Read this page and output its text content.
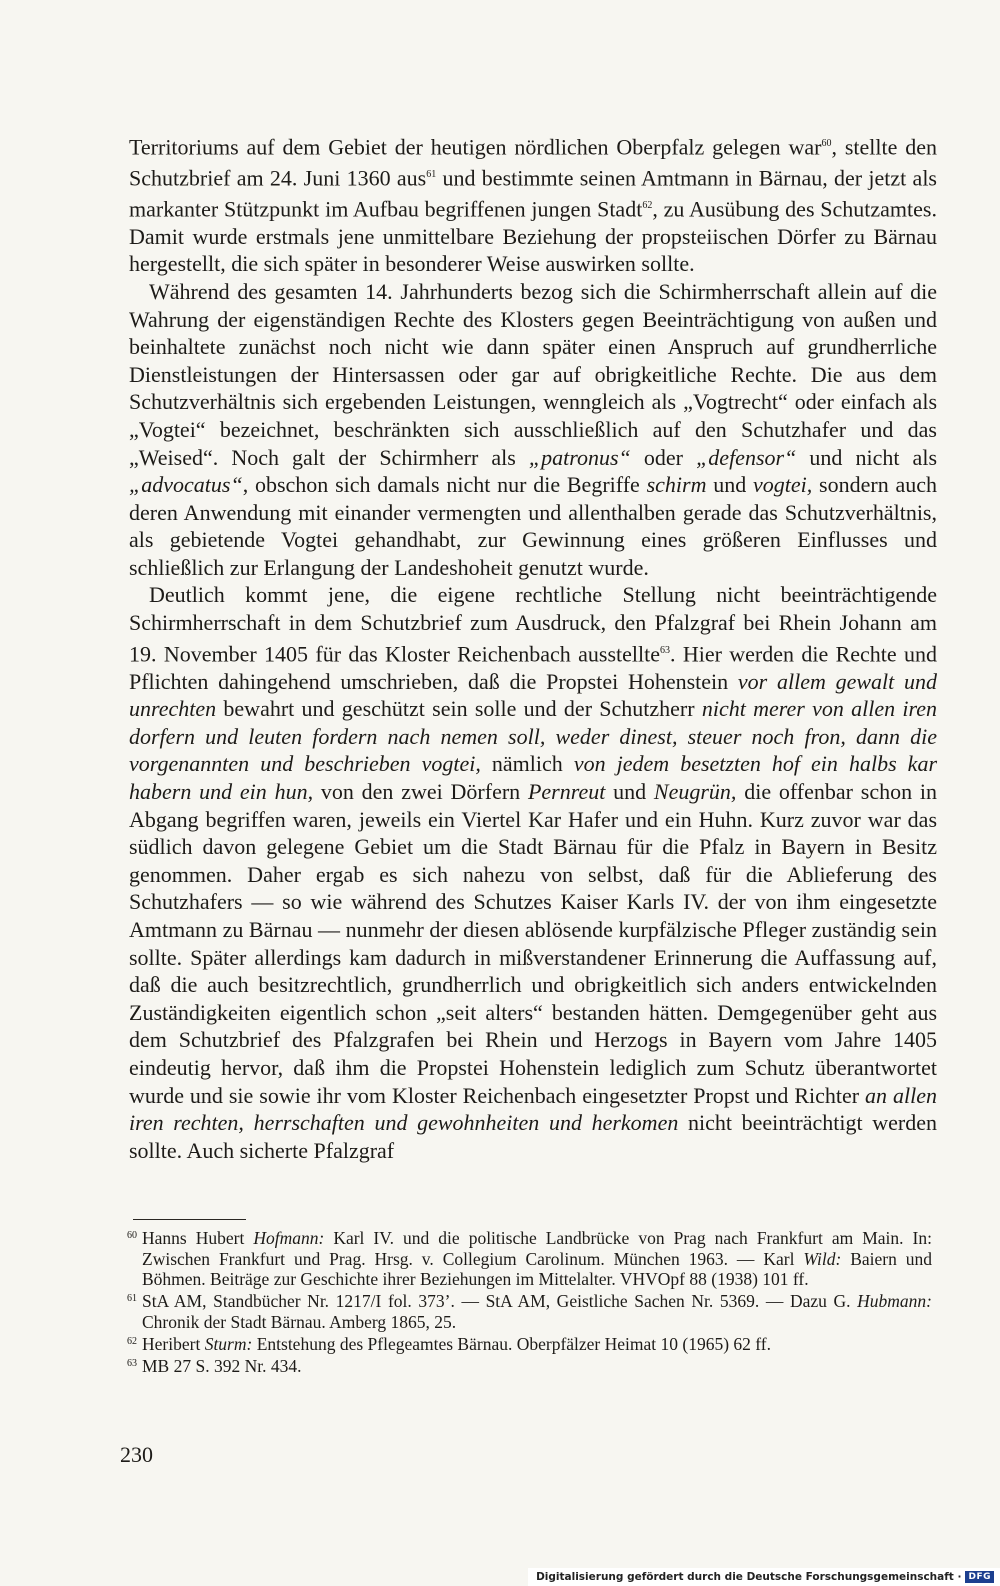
Territoriums auf dem Gebiet der heutigen nördlichen Oberpfalz gelegen war$^{60}$, stellte den Schutzbrief am 24. Juni 1360 aus$^{61}$ und bestimmte seinen Amtmann in Bärnau, der jetzt als markanter Stützpunkt im Aufbau begriffenen jungen Stadt$^{62}$, zu Ausübung des Schutzamtes. Damit wurde erstmals jene unmittelbare Beziehung der propsteiischen Dörfer zu Bärnau hergestellt, die sich später in besonderer Weise auswirken sollte.

Während des gesamten 14. Jahrhunderts bezog sich die Schirmherrschaft allein auf die Wahrung der eigenständigen Rechte des Klosters gegen Beeinträchtigung von außen und beinhaltete zunächst noch nicht wie dann später einen Anspruch auf grundherrliche Dienstleistungen der Hintersassen oder gar auf obrigkeitliche Rechte. Die aus dem Schutzverhältnis sich ergebenden Leistungen, wenngleich als „Vogtrecht“ oder einfach als „Vogtei“ bezeichnet, beschränkten sich ausschließlich auf den Schutzhafer und das „Weised“. Noch galt der Schirmherr als „patronus“ oder „defensor“ und nicht als „advocatus“, obschon sich damals nicht nur die Begriffe schirm und vogtei, sondern auch deren Anwendung mit einander vermengten und allenthalben gerade das Schutzverhältnis, als gebietende Vogtei gehandhabt, zur Gewinnung eines größeren Einflusses und schließlich zur Erlangung der Landeshoheit genutzt wurde.

Deutlich kommt jene, die eigene rechtliche Stellung nicht beeinträchtigende Schirmherrschaft in dem Schutzbrief zum Ausdruck, den Pfalzgraf bei Rhein Johann am 19. November 1405 für das Kloster Reichenbach ausstellte$^{63}$. Hier werden die Rechte und Pflichten dahingehend umschrieben, daß die Propstei Hohenstein vor allem gewalt und unrechten bewahrt und geschützt sein solle und der Schutzherr nicht merer von allen iren dorfern und leuten fordern nach nemen soll, weder dinest, steuer noch fron, dann die vorgenannten und beschrieben vogtei, nämlich von jedem besetzten hof ein halbs kar habern und ein hun, von den zwei Dörfern Pernreut und Neugrün, die offenbar schon in Abgang begriffen waren, jeweils ein Viertel Kar Hafer und ein Huhn. Kurz zuvor war das südlich davon gelegene Gebiet um die Stadt Bärnau für die Pfalz in Bayern in Besitz genommen. Daher ergab es sich nahezu von selbst, daß für die Ablieferung des Schutzhafers — so wie während des Schutzes Kaiser Karls IV. der von ihm eingesetzte Amtmann zu Bärnau — nunmehr der diesen ablösende kurpfälzische Pfleger zuständig sein sollte. Später allerdings kam dadurch in mißverstandener Erinnerung die Auffassung auf, daß die auch besitzrechtlich, grundherrlich und obrigkeitlich sich anders entwickelnden Zuständigkeiten eigentlich schon „seit alters“ bestanden hätten. Demgegenüber geht aus dem Schutzbrief des Pfalzgrafen bei Rhein und Herzogs in Bayern vom Jahre 1405 eindeutig hervor, daß ihm die Propstei Hohenstein lediglich zum Schutz überantwortet wurde und sie sowie ihr vom Kloster Reichenbach eingesetzter Propst und Richter an allen iren rechten, herrschaften und gewohnheiten und herkomen nicht beeinträchtigt werden sollte. Auch sicherte Pfalzgraf

60 Hanns Hubert Hofmann: Karl IV. und die politische Landbrücke von Prag nach Frankfurt am Main. In: Zwischen Frankfurt und Prag. Hrsg. v. Collegium Carolinum. München 1963. — Karl Wild: Baiern und Böhmen. Beiträge zur Geschichte ihrer Beziehungen im Mittelalter. VHVOpf 88 (1938) 101 ff.
61 StA AM, Standbücher Nr. 1217/I fol. 373’. — StA AM, Geistliche Sachen Nr. 5369. — Dazu G. Hubmann: Chronik der Stadt Bärnau. Amberg 1865, 25.
62 Heribert Sturm: Entstehung des Pflegeamtes Bärnau. Oberpfälzer Heimat 10 (1965) 62 ff.
63 MB 27 S. 392 Nr. 434.
230
Digitalisierung gefördert durch die Deutsche Forschungsgemeinschaft · DFG
